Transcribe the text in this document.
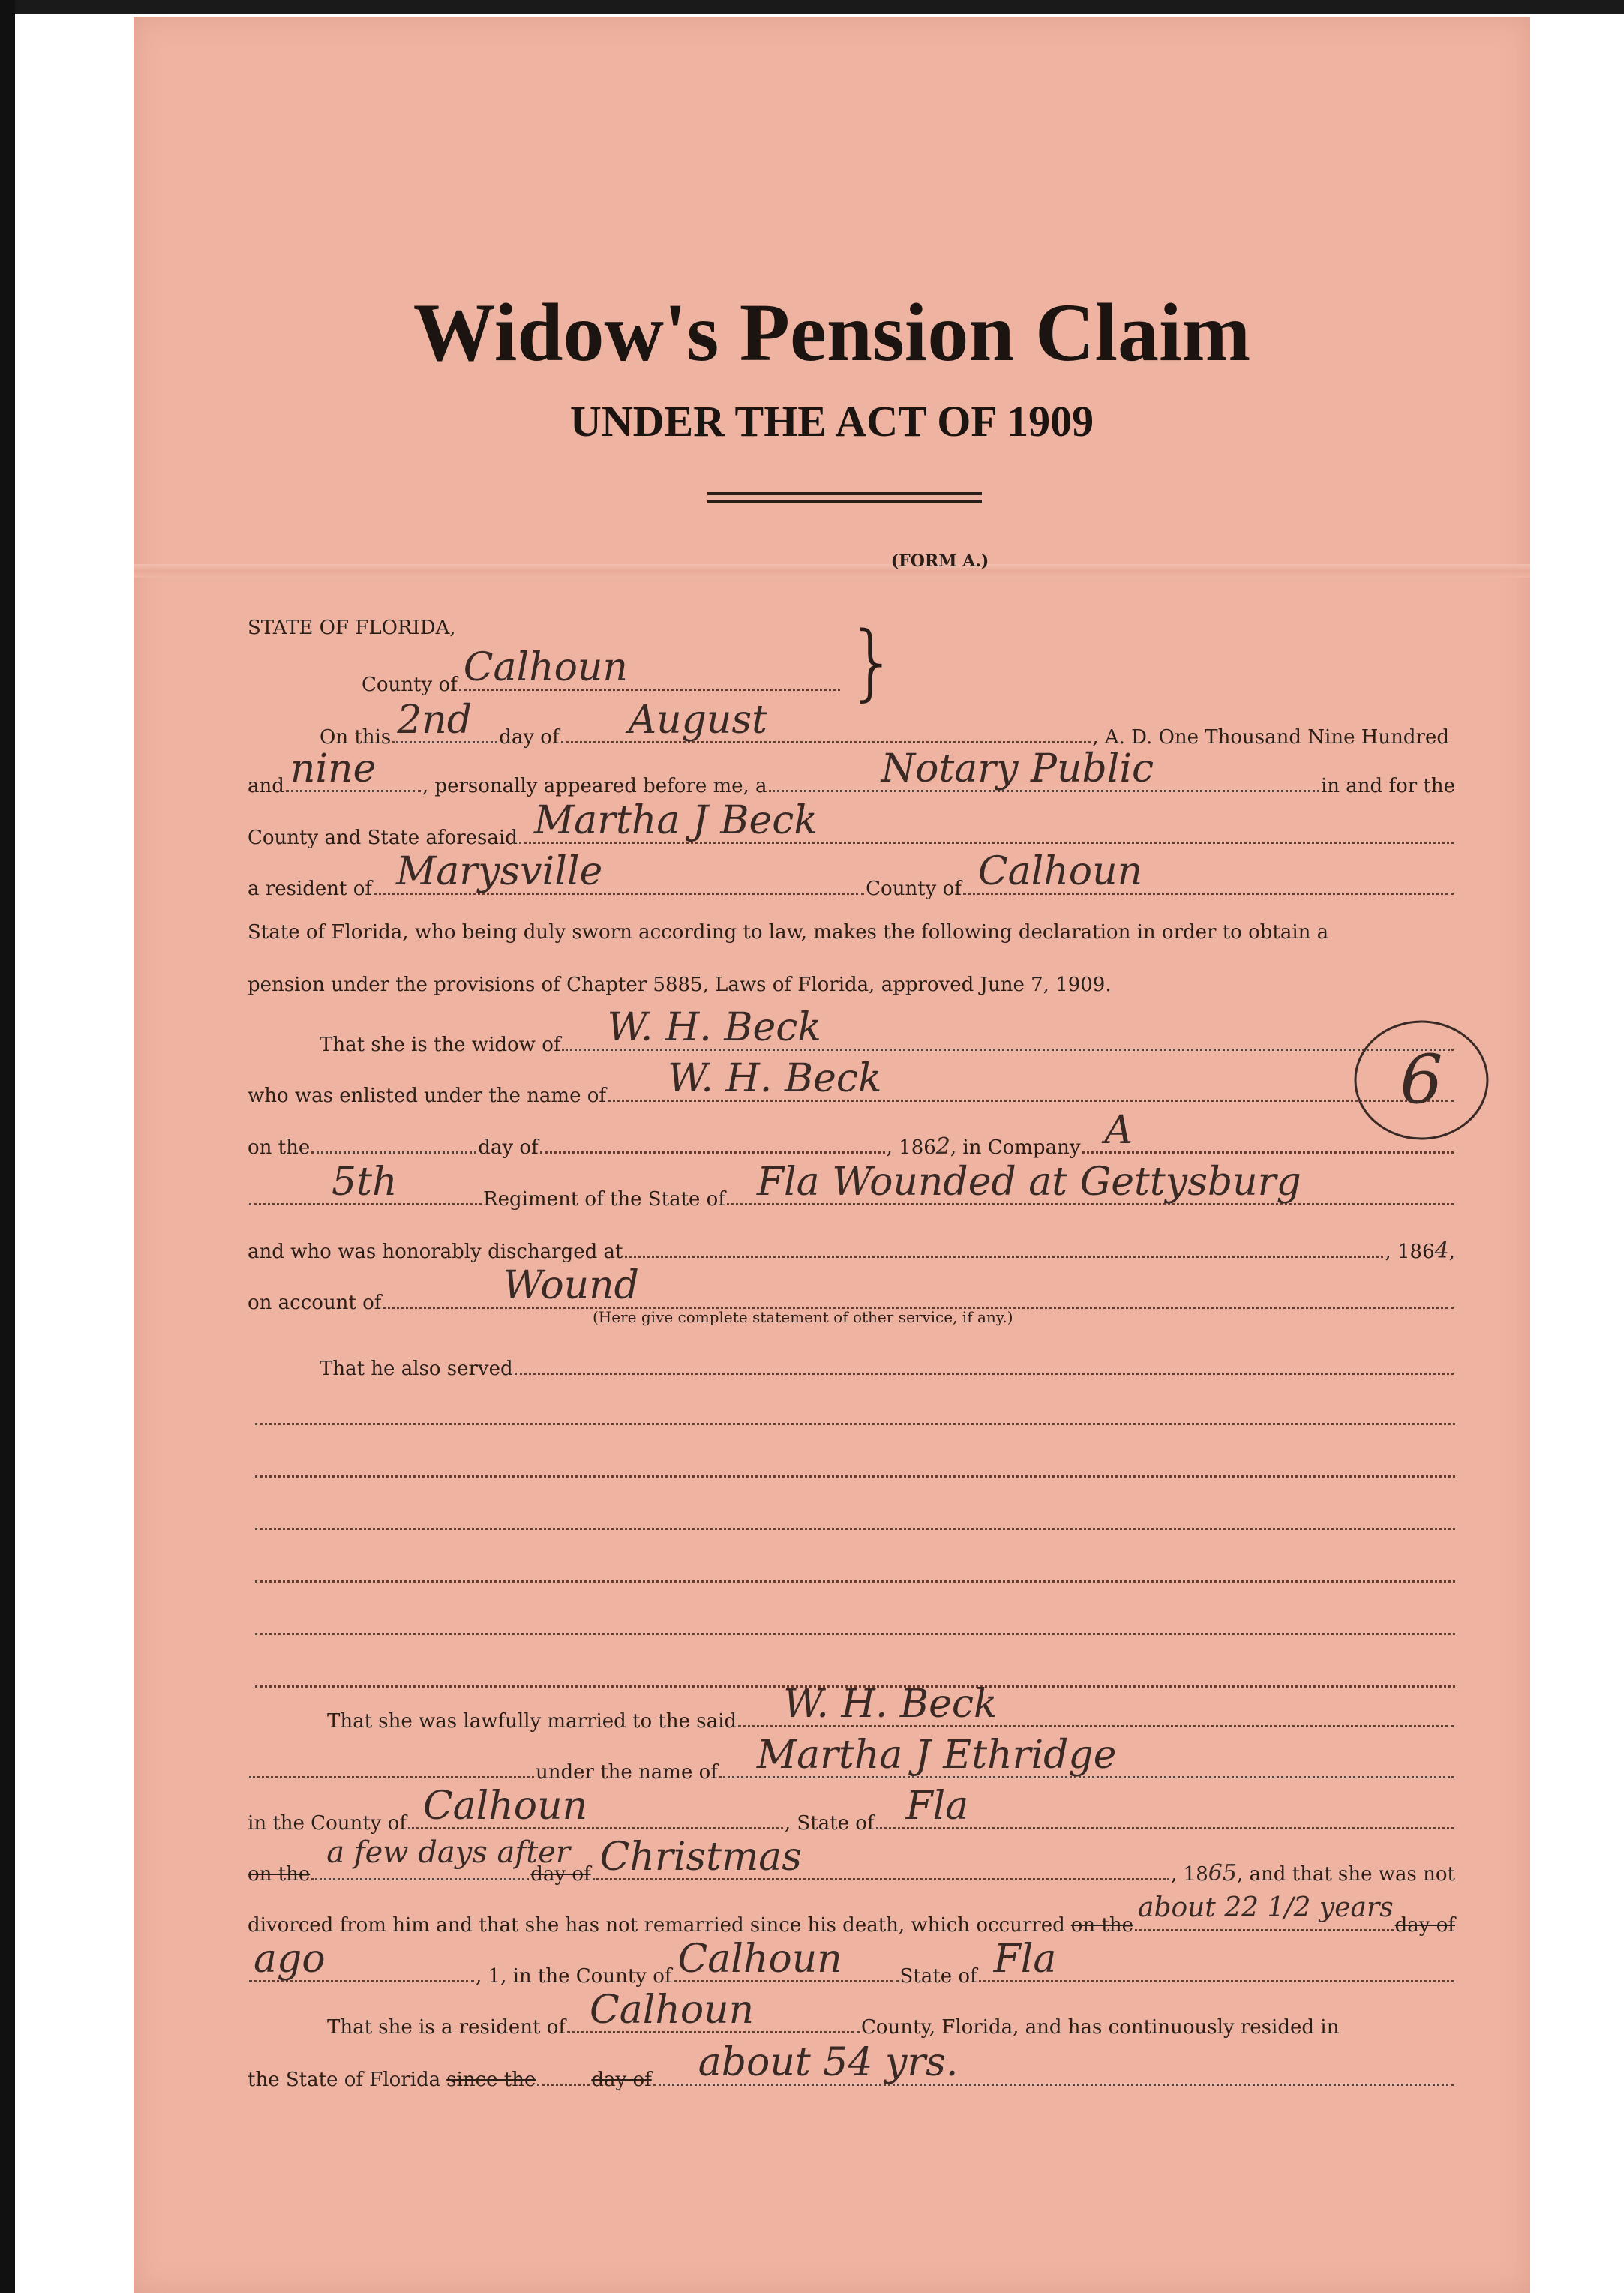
Widow's Pension Claim
UNDER THE ACT OF 1909
(FORM A.)
STATE OF FLORIDA,
County of Calhoun	}
On this 2nd day of August	, A. D. One Thousand Nine Hundred
and nine , personally appeared before me, a	Notary Public	in and for the
County and State aforesaid Martha J Beck
a resident of Marysville	County of Calhoun
State of Florida, who being duly sworn according to law, makes the following declaration in order to obtain a
pension under the provisions of Chapter 5885, Laws of Florida, approved June 7, 1909.
That she is the widow of W. H. Beck
who was enlisted under the name of W. H. Beck
on the	day of	, 186 2 , in Company A
5th	Regiment of the State of Fla Wounded at Gettysburg
and who was honorably discharged at	, 186 4 ,
on account of	Wound
(Here give complete statement of other service, if any.)
That he also served
6
That she was lawfully married to the said W. H. Beck
under the name of Martha J Ethridge
in the County of Calhoun	, State of Fla
on the
a few days after
day of Christmas	, 18 65 , and that she was not
divorced from him and that she has not remarried since his death, which occurred on the
about 22 1/2 years
day of
ago	, 1 , in the County of Calhoun	State of Fla
That she is a resident of Calhoun	County, Florida, and has continuously resided in
the State of Florida since the	day of about 54 yrs.
